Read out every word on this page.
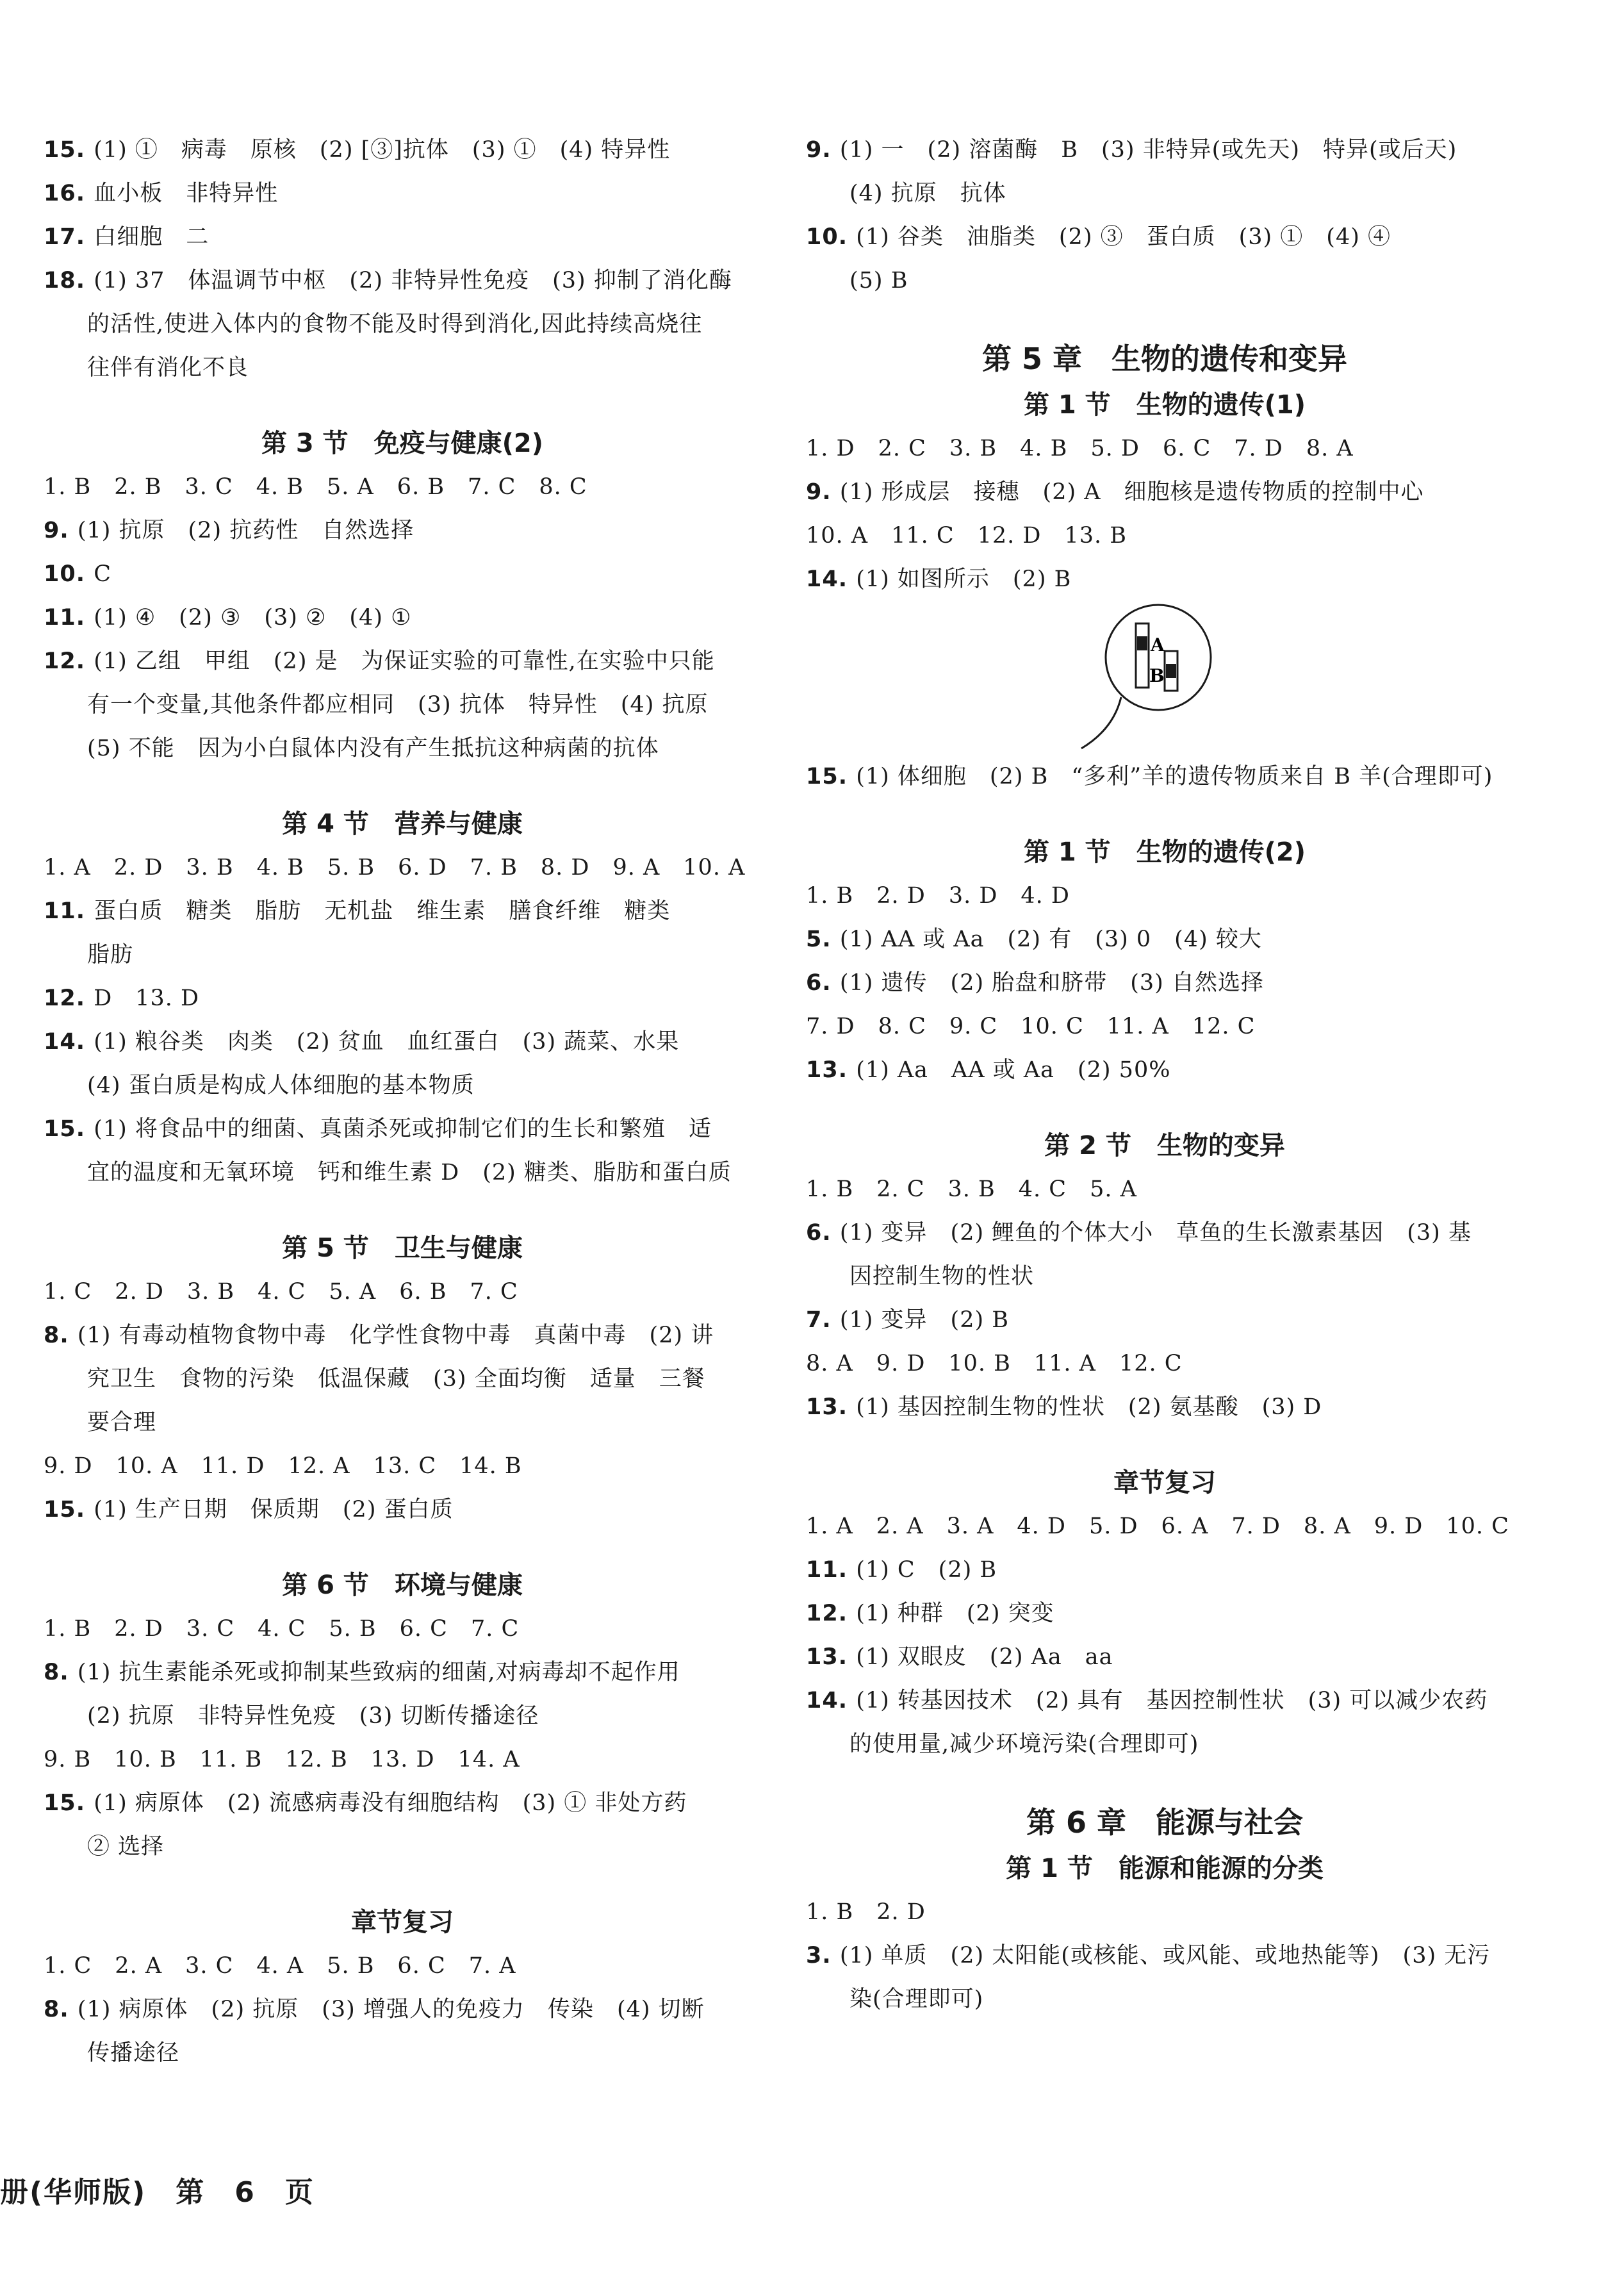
15. (1) ①　病毒　原核　(2) [③]抗体　(3) ①　(4) 特异性
16. 血小板　非特异性
17. 白细胞　二
18. (1) 37　体温调节中枢　(2) 非特异性免疫　(3) 抑制了消化酶
的活性,使进入体内的食物不能及时得到消化,因此持续高烧往
往伴有消化不良
第 3 节　免疫与健康(2)
1. B　2. B　3. C　4. B　5. A　6. B　7. C　8. C
9. (1) 抗原　(2) 抗药性　自然选择
10. C
11. (1) ④　(2) ③　(3) ②　(4) ①
12. (1) 乙组　甲组　(2) 是　为保证实验的可靠性,在实验中只能
有一个变量,其他条件都应相同　(3) 抗体　特异性　(4) 抗原
(5) 不能　因为小白鼠体内没有产生抵抗这种病菌的抗体
第 4 节　营养与健康
1. A　2. D　3. B　4. B　5. B　6. D　7. B　8. D　9. A　10. A
11. 蛋白质　糖类　脂肪　无机盐　维生素　膳食纤维　糖类
脂肪
12. D　13. D
14. (1) 粮谷类　肉类　(2) 贫血　血红蛋白　(3) 蔬菜、水果
(4) 蛋白质是构成人体细胞的基本物质
15. (1) 将食品中的细菌、真菌杀死或抑制它们的生长和繁殖　适
宜的温度和无氧环境　钙和维生素 D　(2) 糖类、脂肪和蛋白质
第 5 节　卫生与健康
1. C　2. D　3. B　4. C　5. A　6. B　7. C
8. (1) 有毒动植物食物中毒　化学性食物中毒　真菌中毒　(2) 讲
究卫生　食物的污染　低温保藏　(3) 全面均衡　适量　三餐
要合理
9. D　10. A　11. D　12. A　13. C　14. B
15. (1) 生产日期　保质期　(2) 蛋白质
第 6 节　环境与健康
1. B　2. D　3. C　4. C　5. B　6. C　7. C
8. (1) 抗生素能杀死或抑制某些致病的细菌,对病毒却不起作用
(2) 抗原　非特异性免疫　(3) 切断传播途径
9. B　10. B　11. B　12. B　13. D　14. A
15. (1) 病原体　(2) 流感病毒没有细胞结构　(3) ① 非处方药
② 选择
章节复习
1. C　2. A　3. C　4. A　5. B　6. C　7. A
8. (1) 病原体　(2) 抗原　(3) 增强人的免疫力　传染　(4) 切断
传播途径
9. (1) 一　(2) 溶菌酶　B　(3) 非特异(或先天)　特异(或后天)
(4) 抗原　抗体
10. (1) 谷类　油脂类　(2) ③　蛋白质　(3) ①　(4) ④
(5) B
第 5 章　生物的遗传和变异
第 1 节　生物的遗传(1)
1. D　2. C　3. B　4. B　5. D　6. C　7. D　8. A
9. (1) 形成层　接穗　(2) A　细胞核是遗传物质的控制中心
10. A　11. C　12. D　13. B
14. (1) 如图所示　(2) B
A
B
15. (1) 体细胞　(2) B　“多利”羊的遗传物质来自 B 羊(合理即可)
第 1 节　生物的遗传(2)
1. B　2. D　3. D　4. D
5. (1) AA 或 Aa　(2) 有　(3) 0　(4) 较大
6. (1) 遗传　(2) 胎盘和脐带　(3) 自然选择
7. D　8. C　9. C　10. C　11. A　12. C
13. (1) Aa　AA 或 Aa　(2) 50%
第 2 节　生物的变异
1. B　2. C　3. B　4. C　5. A
6. (1) 变异　(2) 鲤鱼的个体大小　草鱼的生长激素基因　(3) 基
因控制生物的性状
7. (1) 变异　(2) B
8. A　9. D　10. B　11. A　12. C
13. (1) 基因控制生物的性状　(2) 氨基酸　(3) D
章节复习
1. A　2. A　3. A　4. D　5. D　6. A　7. D　8. A　9. D　10. C
11. (1) C　(2) B
12. (1) 种群　(2) 突变
13. (1) 双眼皮　(2) Aa　aa
14. (1) 转基因技术　(2) 具有　基因控制性状　(3) 可以减少农药
的使用量,减少环境污染(合理即可)
第 6 章　能源与社会
第 1 节　能源和能源的分类
1. B　2. D
3. (1) 单质　(2) 太阳能(或核能、或风能、或地热能等)　(3) 无污
染(合理即可)
册(华师版)　第　6　页
